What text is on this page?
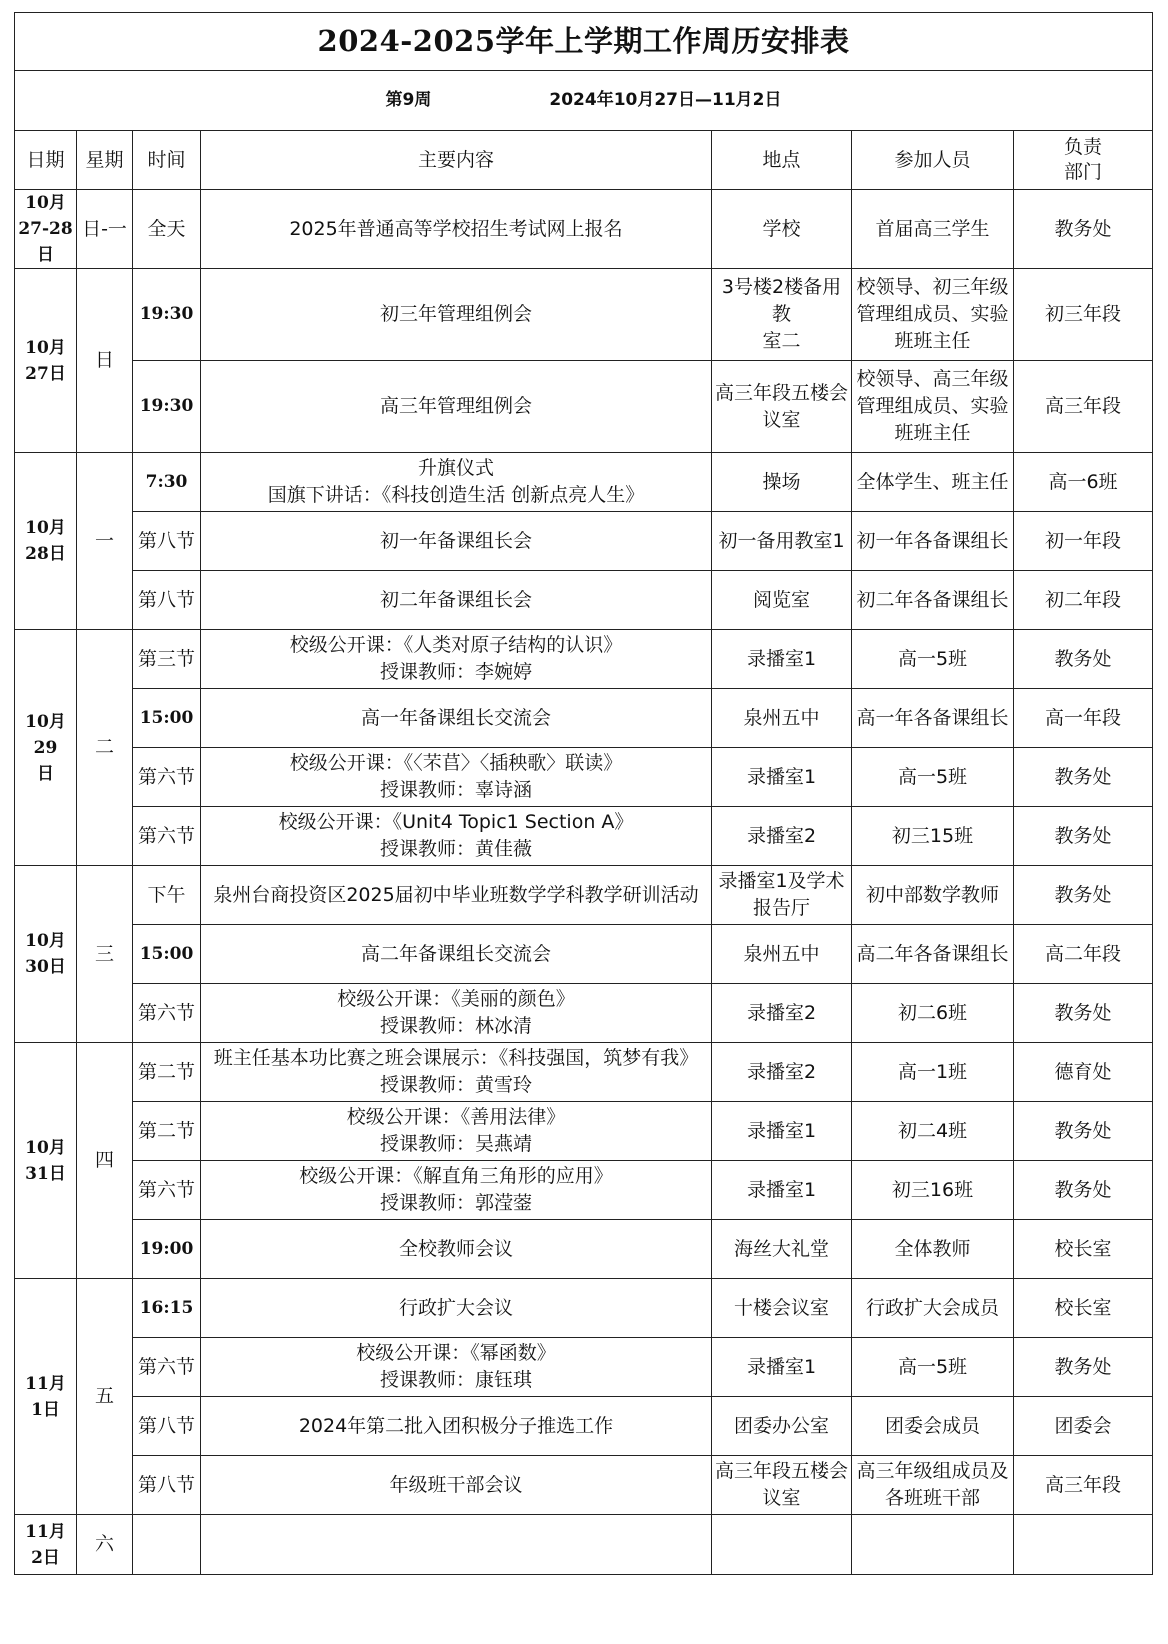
2024-2025学年上学期工作周历安排表						
第9周 2024年10月27日—11月2日						
日期	星期	时间	主要内容	地点	参加人员	负责
部门

10月
27-28日	日-一	全天	2025年普通高等学校招生考试网上报名	学校	首届高三学生	教务处

10月
27日	日	19:30	初三年管理组例会	3号楼2楼备用教
室二	校领导、初三年级
管理组成员、实验
班班主任	初三年段
		19:30	高三年管理组例会	高三年段五楼会
议室	校领导、高三年级
管理组成员、实验
班班主任	高三年段

10月
28日	一	7:30	升旗仪式
国旗下讲话：《科技创造生活 创新点亮人生》	操场	全体学生、班主任	高一6班
		第八节	初一年备课组长会	初一备用教室1	初一年各备课组长	初一年段
		第八节	初二年备课组长会	阅览室	初二年各备课组长	初二年段

10月29
日	二	第三节	校级公开课：《人类对原子结构的认识》
授课教师：李婉婷	录播室1	高一5班	教务处
		15:00	高一年备课组长交流会	泉州五中	高一年各备课组长	高一年段
		第六节	校级公开课：《〈芣苢〉〈插秧歌〉联读》
授课教师：辜诗涵	录播室1	高一5班	教务处
		第六节	校级公开课：《Unit4 Topic1 Section A》
授课教师：黄佳薇	录播室2	初三15班	教务处

10月
30日	三	下午	泉州台商投资区2025届初中毕业班数学学科教学研训活动	录播室1及学术
报告厅	初中部数学教师	教务处
		15:00	高二年备课组长交流会	泉州五中	高二年各备课组长	高二年段
		第六节	校级公开课：《美丽的颜色》
授课教师：林冰清	录播室2	初二6班	教务处

10月
31日	四	第二节	班主任基本功比赛之班会课展示：《科技强国，筑梦有我》
授课教师：黄雪玲	录播室2	高一1班	德育处
		第二节	校级公开课：《善用法律》
授课教师：吴燕靖	录播室1	初二4班	教务处
		第六节	校级公开课：《解直角三角形的应用》
授课教师：郭滢蓥	录播室1	初三16班	教务处
		19:00	全校教师会议	海丝大礼堂	全体教师	校长室

11月
1日	五	16:15	行政扩大会议	十楼会议室	行政扩大会成员	校长室
		第六节	校级公开课：《幂函数》
授课教师：康钰琪	录播室1	高一5班	教务处
		第八节	2024年第二批入团积极分子推选工作	团委办公室	团委会成员	团委会
		第八节	年级班干部会议	高三年段五楼会
议室	高三年级组成员及
各班班干部	高三年段

11月
2日	六		
